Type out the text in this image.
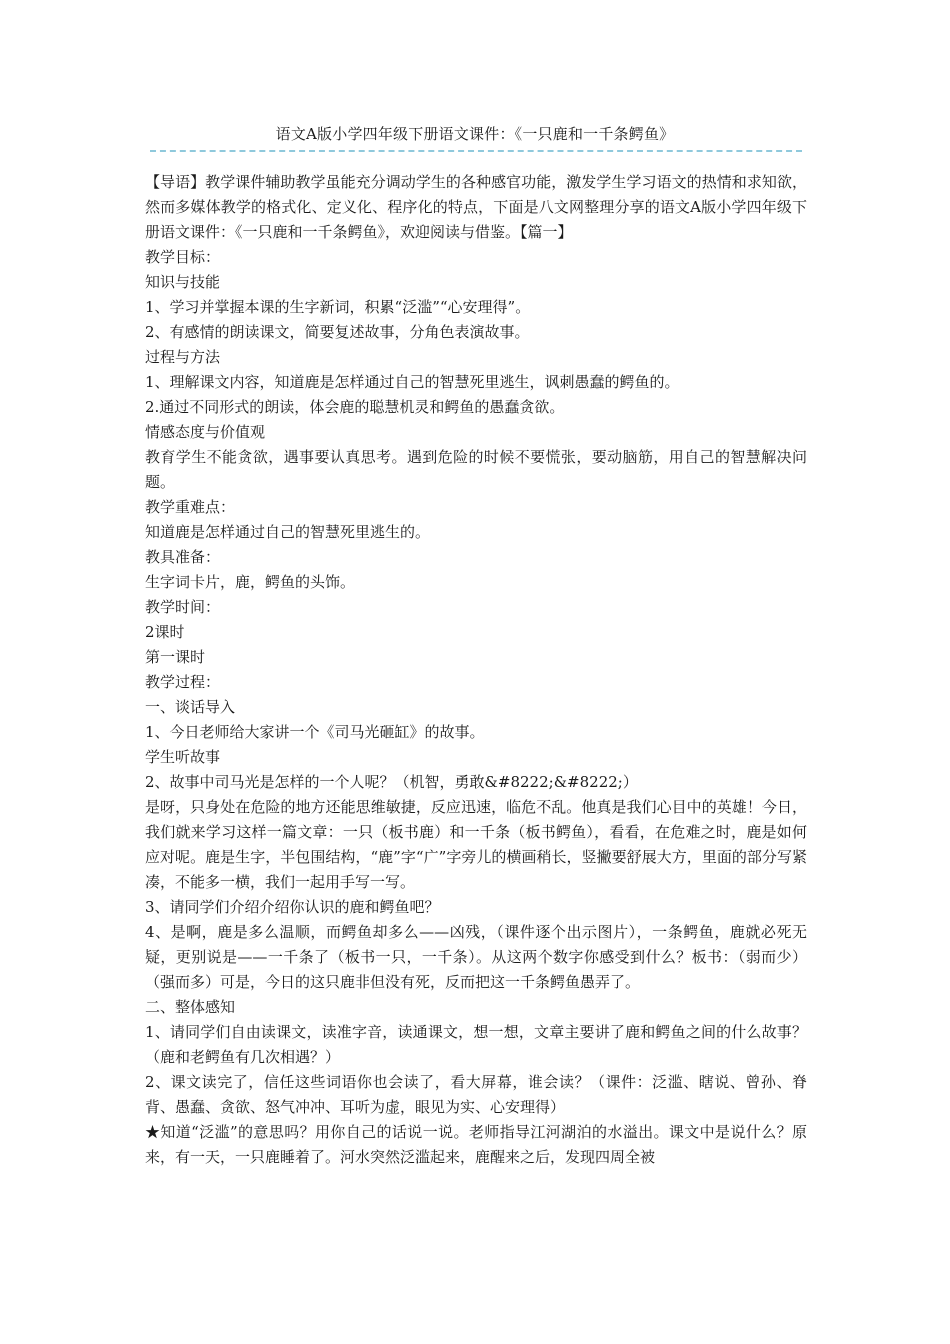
语文A版小学四年级下册语文课件：《一只鹿和一千条鳄鱼》

【导语】教学课件辅助教学虽能充分调动学生的各种感官功能，激发学生学习语文的热情和求知欲，然而多媒体教学的格式化、定义化、程序化的特点，下面是八文网整理分享的语文A版小学四年级下册语文课件：《一只鹿和一千条鳄鱼》，欢迎阅读与借鉴。【篇一】

教学目标：

知识与技能

1、学习并掌握本课的生字新词，积累“泛滥”“心安理得”。

2、有感情的朗读课文，简要复述故事，分角色表演故事。

过程与方法

1、理解课文内容，知道鹿是怎样通过自己的智慧死里逃生，讽刺愚蠢的鳄鱼的。

2.通过不同形式的朗读，体会鹿的聪慧机灵和鳄鱼的愚蠢贪欲。

情感态度与价值观

教育学生不能贪欲，遇事要认真思考。遇到危险的时候不要慌张，要动脑筋，用自己的智慧解决问题。

教学重难点：

知道鹿是怎样通过自己的智慧死里逃生的。

教具准备：

生字词卡片，鹿，鳄鱼的头饰。

教学时间：

2课时

第一课时

教学过程：

一、谈话导入

1、今日老师给大家讲一个《司马光砸缸》的故事。

学生听故事

2、故事中司马光是怎样的一个人呢？（机智，勇敢&#8222;&#8222;）

是呀，只身处在危险的地方还能思维敏捷，反应迅速，临危不乱。他真是我们心目中的英雄！今日，我们就来学习这样一篇文章：一只（板书鹿）和一千条（板书鳄鱼），看看，在危难之时，鹿是如何应对呢。鹿是生字，半包围结构，“鹿”字“广”字旁儿的横画稍长，竖撇要舒展大方，里面的部分写紧凑，不能多一横，我们一起用手写一写。

3、请同学们介绍介绍你认识的鹿和鳄鱼吧？

4、是啊，鹿是多么温顺，而鳄鱼却多么——凶残，（课件逐个出示图片），一条鳄鱼，鹿就必死无疑，更别说是——一千条了（板书一只，一千条）。从这两个数字你感受到什么？板书：（弱而少）（强而多）可是，今日的这只鹿非但没有死，反而把这一千条鳄鱼愚弄了。

二、整体感知

1、请同学们自由读课文，读准字音，读通课文，想一想，文章主要讲了鹿和鳄鱼之间的什么故事？（鹿和老鳄鱼有几次相遇？）

2、课文读完了，信任这些词语你也会读了，看大屏幕，谁会读？（课件：泛滥、瞎说、曾孙、脊背、愚蠢、贪欲、怒气冲冲、耳听为虚，眼见为实、心安理得）

★知道“泛滥”的意思吗？用你自己的话说一说。老师指导江河湖泊的水溢出。课文中是说什么？原来，有一天，一只鹿睡着了。河水突然泛滥起来，鹿醒来之后，发现四周全被
